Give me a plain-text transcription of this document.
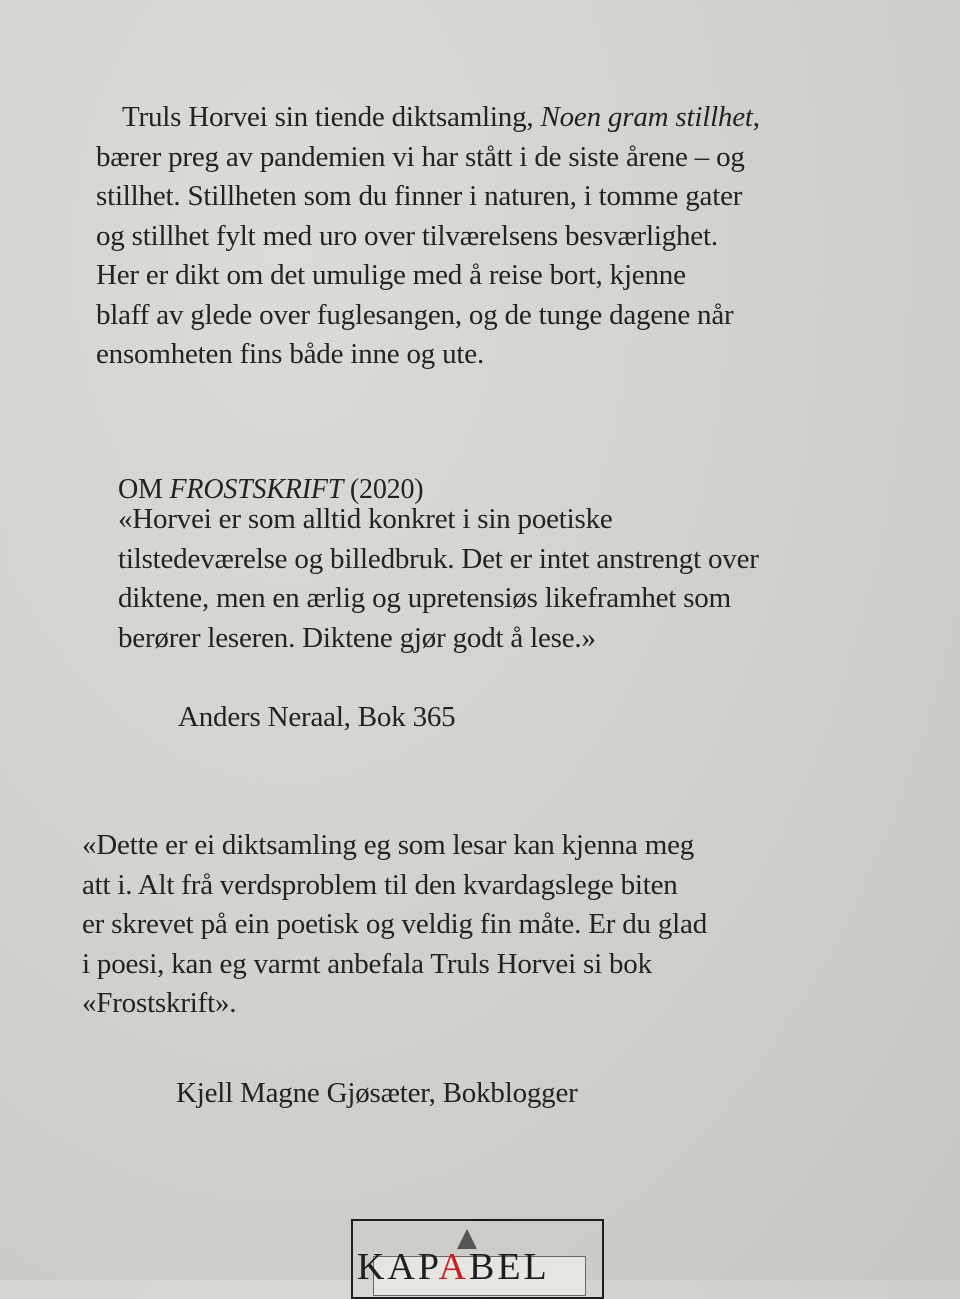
Truls Horvei sin tiende diktsamling, Noen gram stillhet,
bærer preg av pandemien vi har stått i de siste årene – og
stillhet. Stillheten som du finner i naturen, i tomme gater
og stillhet fylt med uro over tilværelsens besværlighet.
Her er dikt om det umulige med å reise bort, kjenne
blaff av glede over fuglesangen, og de tunge dagene når
ensomheten fins både inne og ute.
OM FROSTSKRIFT (2020)
«Horvei er som alltid konkret i sin poetiske
tilstedeværelse og billedbruk. Det er intet anstrengt over
diktene, men en ærlig og upretensiøs likeframhet som
berører leseren. Diktene gjør godt å lese.»
Anders Neraal, Bok 365
«Dette er ei diktsamling eg som lesar kan kjenna meg
att i. Alt frå verdsproblem til den kvardagslege biten
er skrevet på ein poetisk og veldig fin måte. Er du glad
i poesi, kan eg varmt anbefala Truls Horvei si bok
«Frostskrift».
Kjell Magne Gjøsæter, Bokblogger
KAPABEL
